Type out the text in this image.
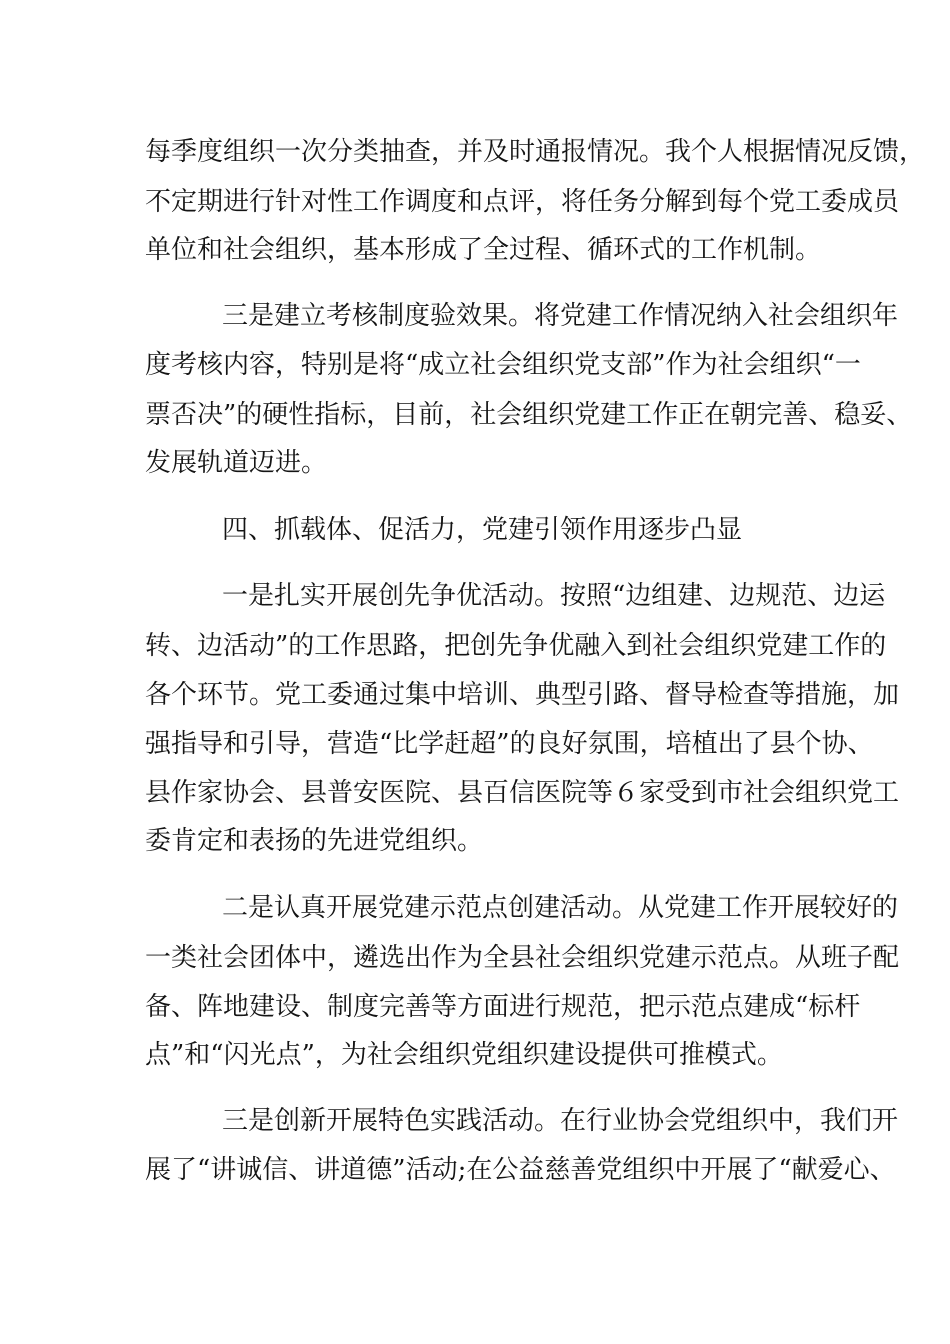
每季度组织一次分类抽查，并及时通报情况。我个人根据情况反馈，
不定期进行针对性工作调度和点评，将任务分解到每个党工委成员
单位和社会组织，基本形成了全过程、循环式的工作机制。
三是建立考核制度验效果。将党建工作情况纳入社会组织年
度考核内容，特别是将“成立社会组织党支部”作为社会组织“一
票否决”的硬性指标，目前，社会组织党建工作正在朝完善、稳妥、
发展轨道迈进。
四、抓载体、促活力，党建引领作用逐步凸显
一是扎实开展创先争优活动。按照“边组建、边规范、边运
转、边活动”的工作思路，把创先争优融入到社会组织党建工作的
各个环节。党工委通过集中培训、典型引路、督导检查等措施，加
强指导和引导，营造“比学赶超”的良好氛围，培植出了县个协、
县作家协会、县普安医院、县百信医院等６家受到市社会组织党工
委肯定和表扬的先进党组织。
二是认真开展党建示范点创建活动。从党建工作开展较好的
一类社会团体中，遴选出作为全县社会组织党建示范点。从班子配
备、阵地建设、制度完善等方面进行规范，把示范点建成“标杆
点”和“闪光点”，为社会组织党组织建设提供可推模式。
三是创新开展特色实践活动。在行业协会党组织中，我们开
展了“讲诚信、讲道德”活动;在公益慈善党组织中开展了“献爱心、
